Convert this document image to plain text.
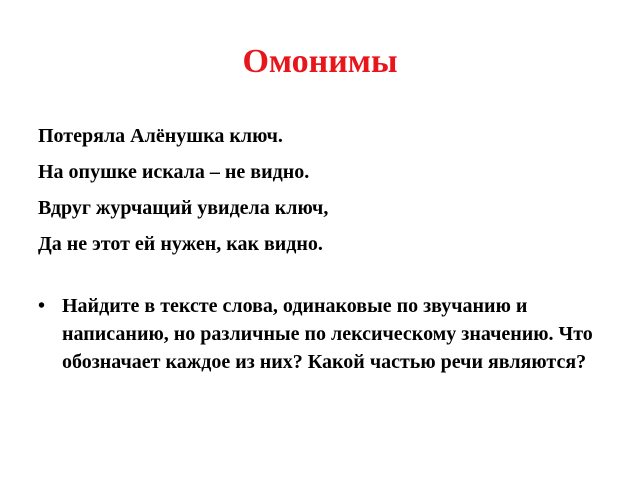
Омонимы
Потеряла Алёнушка ключ.
На опушке искала – не видно.
Вдруг журчащий увидела ключ,
Да не этот ей нужен, как видно.
• Найдите в тексте слова, одинаковые по звучанию и написанию, но различные по лексическому значению. Что обозначает каждое из них? Какой частью речи являются?
